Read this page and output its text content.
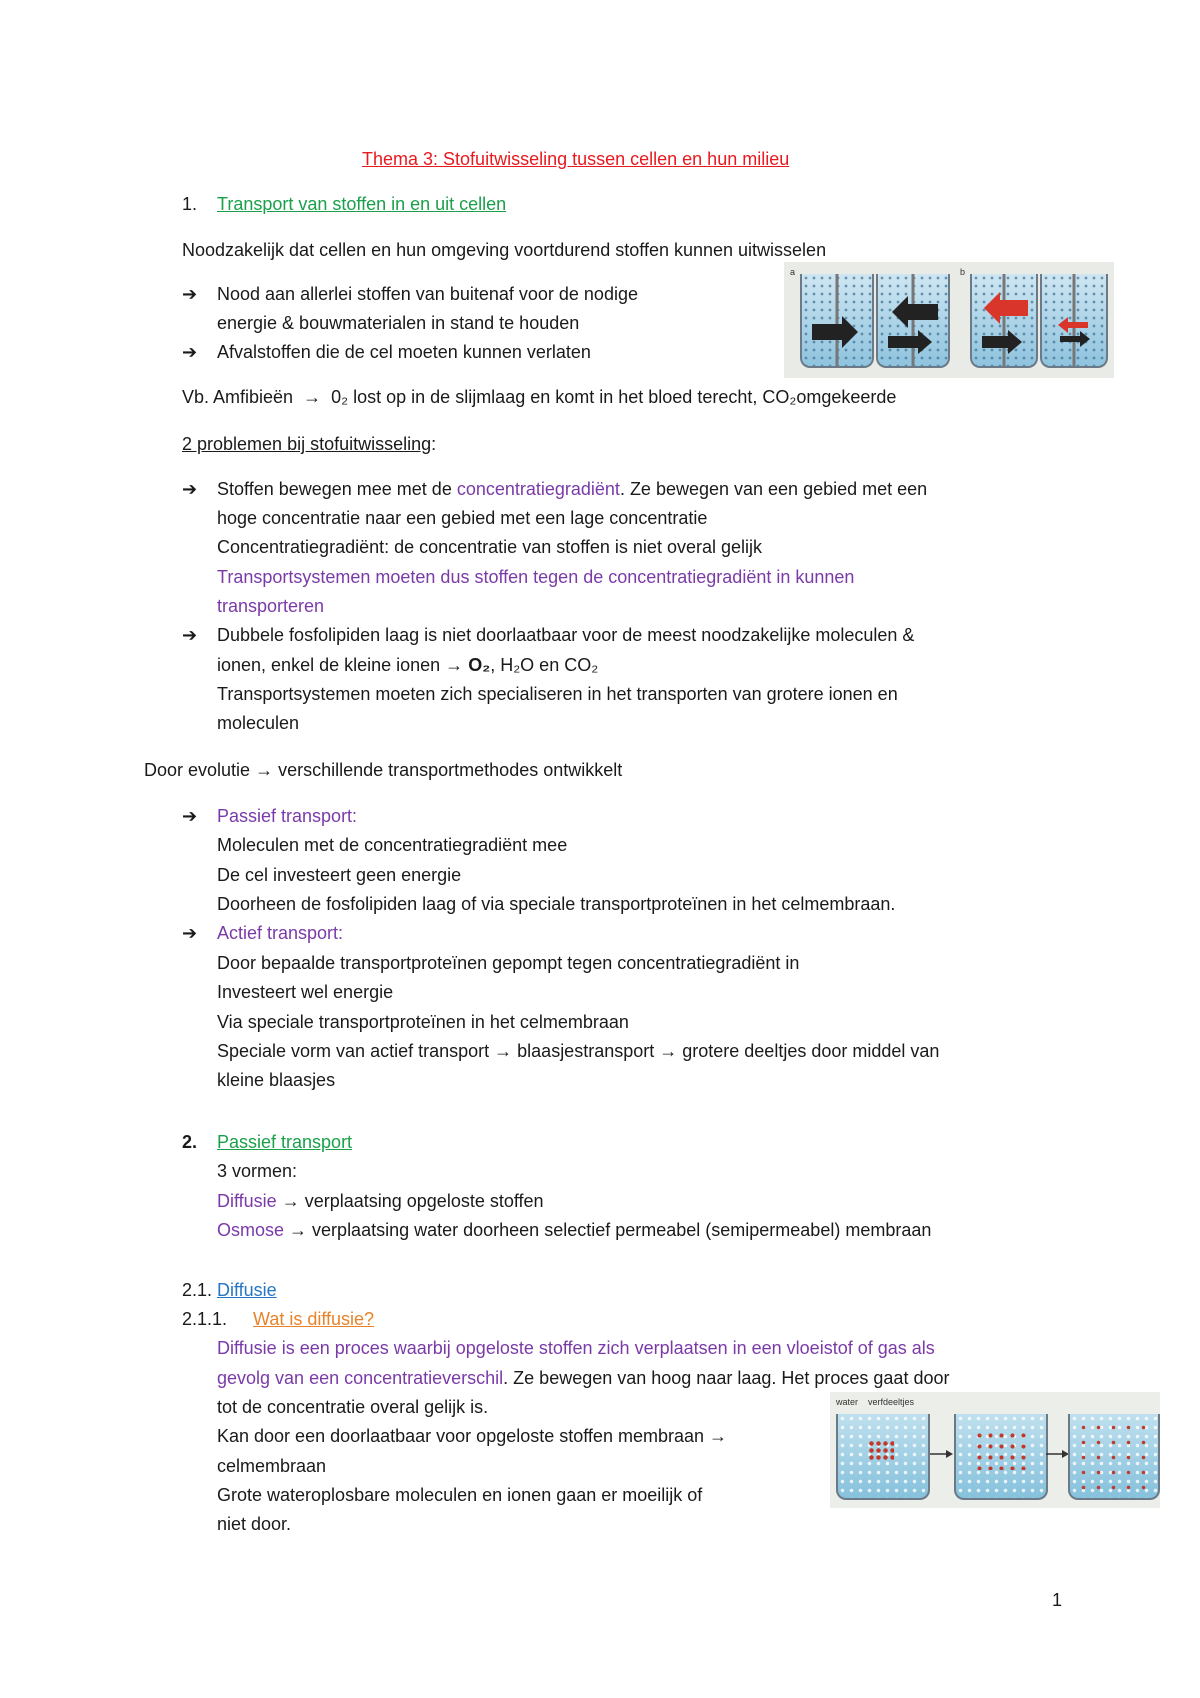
Thema 3: Stofuitwisseling tussen cellen en hun milieu
1. Transport van stoffen in en uit cellen
Noodzakelijk dat cellen en hun omgeving voortdurend stoffen kunnen uitwisselen
➔ Nood aan allerlei stoffen van buitenaf voor de nodige
energie & bouwmaterialen in stand te houden
➔ Afvalstoffen die de cel moeten kunnen verlaten
a	b
Vb. Amfibieën  →  0₂ lost op in de slijmlaag en komt in het bloed terecht, CO₂omgekeerde
2 problemen bij stofuitwisseling:
➔ Stoffen bewegen mee met de concentratiegradiënt. Ze bewegen van een gebied met een
hoge concentratie naar een gebied met een lage concentratie
Concentratiegradiënt: de concentratie van stoffen is niet overal gelijk
Transportsystemen moeten dus stoffen tegen de concentratiegradiënt in kunnen
transporteren
➔ Dubbele fosfolipiden laag is niet doorlaatbaar voor de meest noodzakelijke moleculen &
ionen, enkel de kleine ionen → O₂, H₂O en CO₂
Transportsystemen moeten zich specialiseren in het transporten van grotere ionen en
moleculen
Door evolutie → verschillende transportmethodes ontwikkelt
➔ Passief transport:
Moleculen met de concentratiegradiënt mee
De cel investeert geen energie
Doorheen de fosfolipiden laag of via speciale transportproteïnen in het celmembraan.
➔ Actief transport:
Door bepaalde transportproteïnen gepompt tegen concentratiegradiënt in
Investeert wel energie
Via speciale transportproteïnen in het celmembraan
Speciale vorm van actief transport → blaasjestransport → grotere deeltjes door middel van
kleine blaasjes
2. Passief transport
3 vormen:
Diffusie → verplaatsing opgeloste stoffen
Osmose → verplaatsing water doorheen selectief permeabel (semipermeabel) membraan
2.1. Diffusie
2.1.1. Wat is diffusie?
Diffusie is een proces waarbij opgeloste stoffen zich verplaatsen in een vloeistof of gas als
gevolg van een concentratieverschil. Ze bewegen van hoog naar laag. Het proces gaat door
tot de concentratie overal gelijk is.
Kan door een doorlaatbaar voor opgeloste stoffen membraan →
celmembraan
Grote wateroplosbare moleculen en ionen gaan er moeilijk of
niet door.
water verfdeeltjes
1
